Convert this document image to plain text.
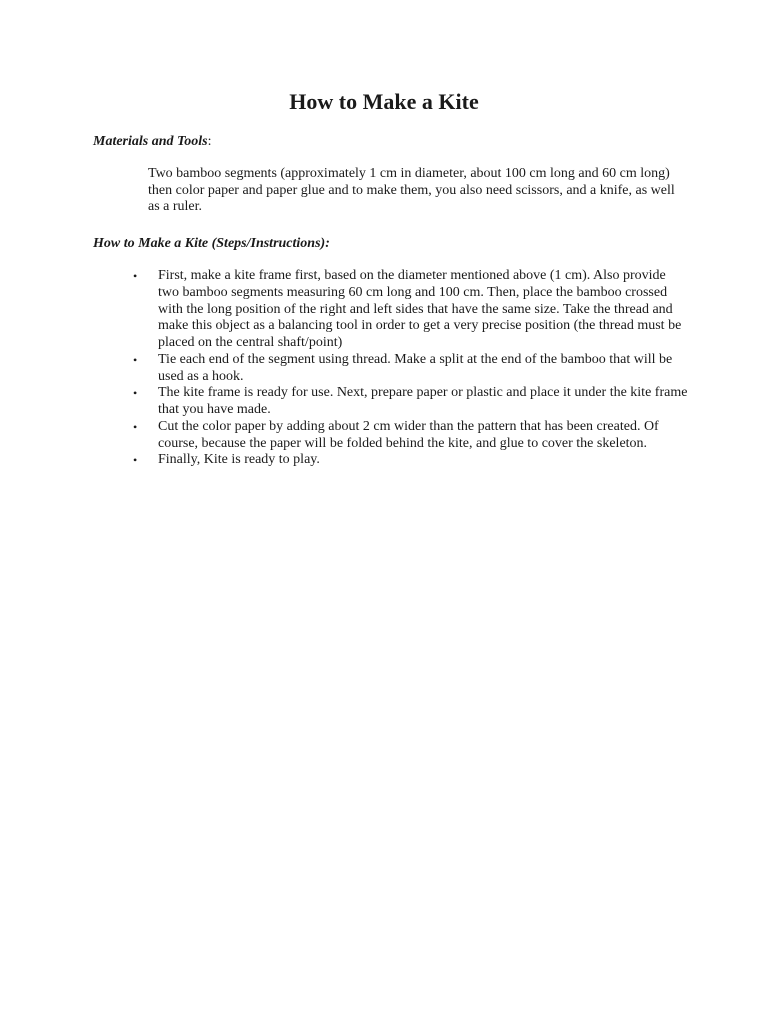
How to Make a Kite

Materials and Tools:

Two bamboo segments (approximately 1 cm in diameter, about 100 cm long and 60 cm long) then color paper and paper glue and to make them, you also need scissors, and a knife, as well as a ruler.

How to Make a Kite (Steps/Instructions):

• First, make a kite frame first, based on the diameter mentioned above (1 cm). Also provide two bamboo segments measuring 60 cm long and 100 cm. Then, place the bamboo crossed with the long position of the right and left sides that have the same size. Take the thread and make this object as a balancing tool in order to get a very precise position (the thread must be placed on the central shaft/point)
• Tie each end of the segment using thread. Make a split at the end of the bamboo that will be used as a hook.
• The kite frame is ready for use. Next, prepare paper or plastic and place it under the kite frame that you have made.
• Cut the color paper by adding about 2 cm wider than the pattern that has been created. Of course, because the paper will be folded behind the kite, and glue to cover the skeleton.
• Finally, Kite is ready to play.
